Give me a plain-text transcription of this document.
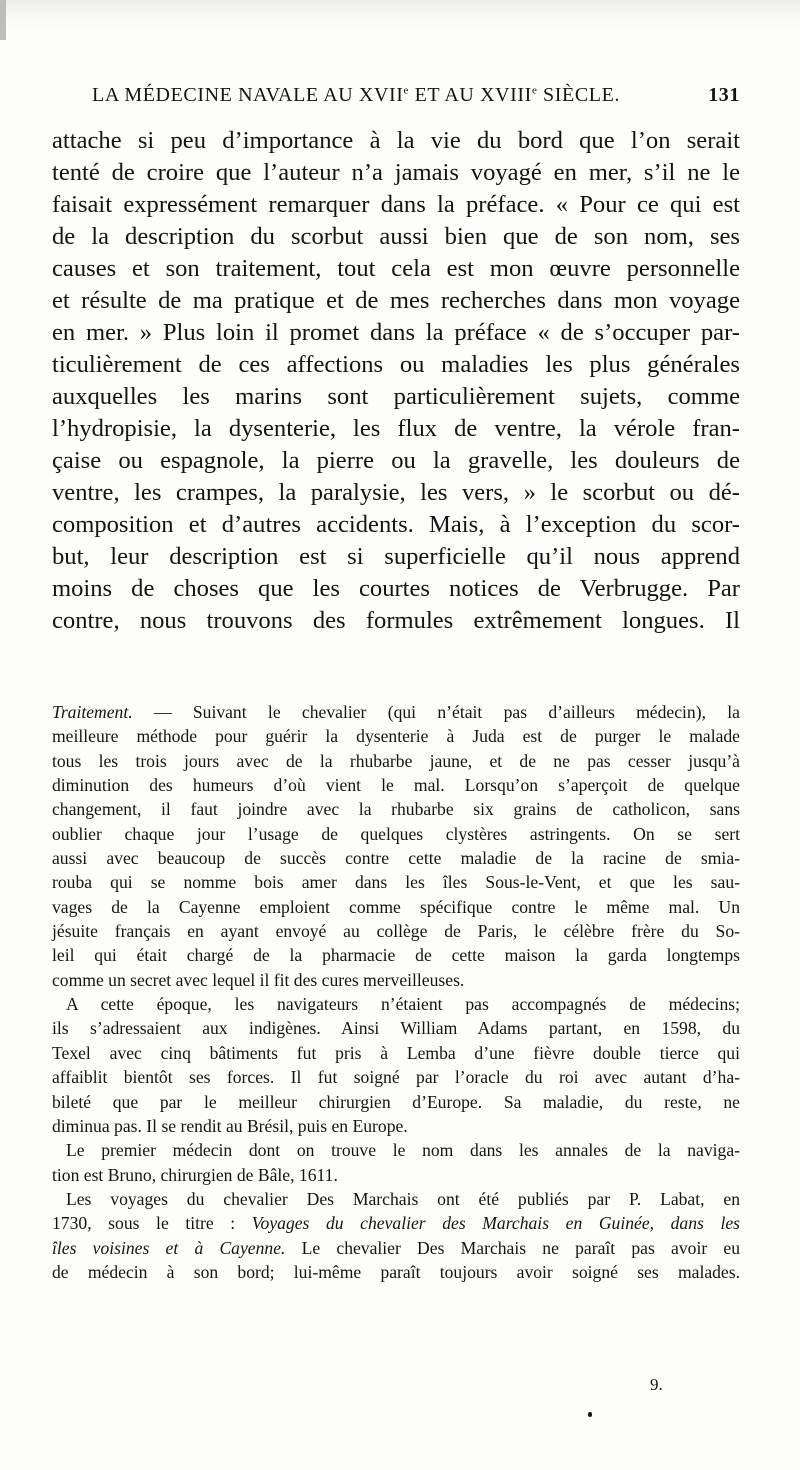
LA MÉDECINE NAVALE AU XVIIe ET AU XVIIIe SIÈCLE.	131
attache si peu d’importance à la vie du bord que l’on serait
tenté de croire que l’auteur n’a jamais voyagé en mer, s’il ne le
faisait expressément remarquer dans la préface. « Pour ce qui est
de la description du scorbut aussi bien que de son nom, ses
causes et son traitement, tout cela est mon œuvre personnelle
et résulte de ma pratique et de mes recherches dans mon voyage
en mer. » Plus loin il promet dans la préface « de s’occuper par-
ticulièrement de ces affections ou maladies les plus générales
auxquelles les marins sont particulièrement sujets, comme
l’hydropisie, la dysenterie, les flux de ventre, la vérole fran-
çaise ou espagnole, la pierre ou la gravelle, les douleurs de
ventre, les crampes, la paralysie, les vers, » le scorbut ou dé-
composition et d’autres accidents. Mais, à l’exception du scor-
but, leur description est si superficielle qu’il nous apprend
moins de choses que les courtes notices de Verbrugge. Par
contre, nous trouvons des formules extrêmement longues. Il
Traitement. — Suivant le chevalier (qui n’était pas d’ailleurs médecin), la
meilleure méthode pour guérir la dysenterie à Juda est de purger le malade
tous les trois jours avec de la rhubarbe jaune, et de ne pas cesser jusqu’à
diminution des humeurs d’où vient le mal. Lorsqu’on s’aperçoit de quelque
changement, il faut joindre avec la rhubarbe six grains de catholicon, sans
oublier chaque jour l’usage de quelques clystères astringents. On se sert
aussi avec beaucoup de succès contre cette maladie de la racine de smia-
rouba qui se nomme bois amer dans les îles Sous-le-Vent, et que les sau-
vages de la Cayenne emploient comme spécifique contre le même mal. Un
jésuite français en ayant envoyé au collège de Paris, le célèbre frère du So-
leil qui était chargé de la pharmacie de cette maison la garda longtemps
comme un secret avec lequel il fit des cures merveilleuses.
A cette époque, les navigateurs n’étaient pas accompagnés de médecins;
ils s’adressaient aux indigènes. Ainsi William Adams partant, en 1598, du
Texel avec cinq bâtiments fut pris à Lemba d’une fièvre double tierce qui
affaiblit bientôt ses forces. Il fut soigné par l’oracle du roi avec autant d’ha-
bileté que par le meilleur chirurgien d’Europe. Sa maladie, du reste, ne
diminua pas. Il se rendit au Brésil, puis en Europe.
Le premier médecin dont on trouve le nom dans les annales de la naviga-
tion est Bruno, chirurgien de Bâle, 1611.
Les voyages du chevalier Des Marchais ont été publiés par P. Labat, en
1730, sous le titre : Voyages du chevalier des Marchais en Guinée, dans les
îles voisines et à Cayenne. Le chevalier Des Marchais ne paraît pas avoir eu
de médecin à son bord; lui-même paraît toujours avoir soigné ses malades.
9.
